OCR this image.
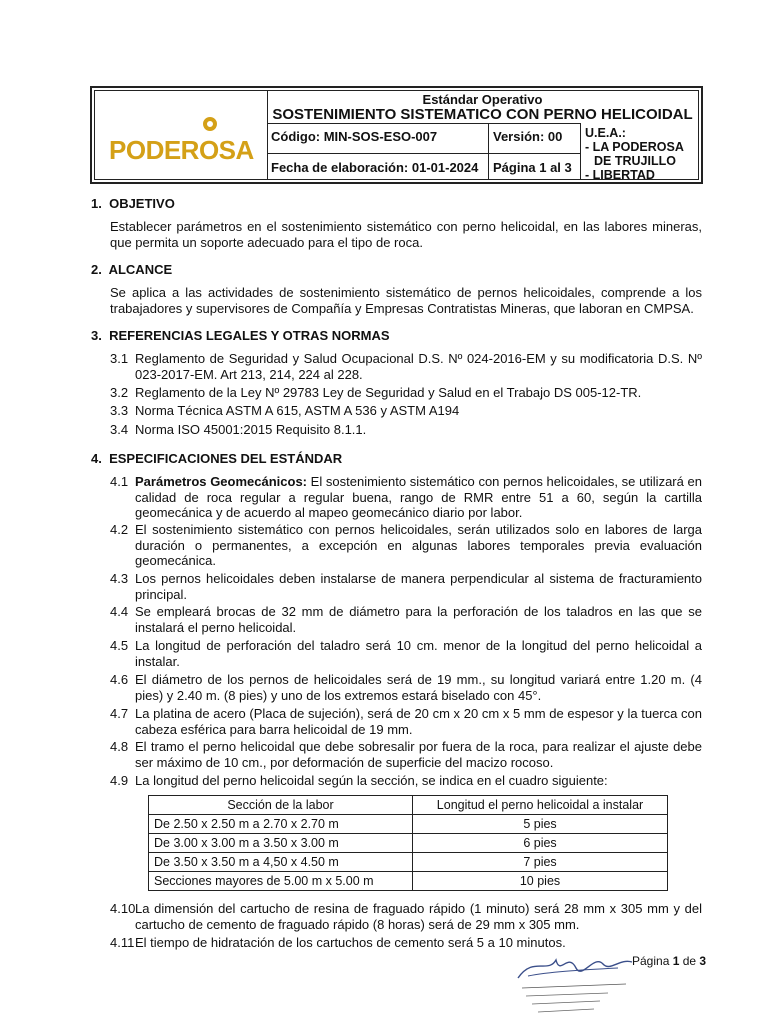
PODEROSA
Estándar Operativo
SOSTENIMIENTO SISTEMATICO CON PERNO HELICOIDAL
Código: MIN-SOS-ESO-007	Versión: 00
Fecha de elaboración: 01-01-2024	Página 1 al 3
U.E.A.:
- LA PODEROSA
DE TRUJILLO
- LIBERTAD
1. OBJETIVO
Establecer parámetros en el sostenimiento sistemático con perno helicoidal, en las labores mineras, que permita un soporte adecuado para el tipo de roca.
2. ALCANCE
Se aplica a las actividades de sostenimiento sistemático de pernos helicoidales, comprende a los trabajadores y supervisores de Compañía y Empresas Contratistas Mineras, que laboran en CMPSA.
3. REFERENCIAS LEGALES Y OTRAS NORMAS
3.1 Reglamento de Seguridad y Salud Ocupacional D.S. Nº 024-2016-EM y su modificatoria D.S. Nº 023-2017-EM. Art 213, 214, 224 al 228.
3.2 Reglamento de la Ley Nº 29783 Ley de Seguridad y Salud en el Trabajo DS 005-12-TR.
3.3 Norma Técnica ASTM A 615, ASTM A 536 y ASTM A194
3.4 Norma ISO 45001:2015 Requisito 8.1.1.
4. ESPECIFICACIONES DEL ESTÁNDAR
4.1 Parámetros Geomecánicos: El sostenimiento sistemático con pernos helicoidales, se utilizará en calidad de roca regular a regular buena, rango de RMR entre 51 a 60, según la cartilla geomecánica y de acuerdo al mapeo geomecánico diario por labor.
4.2 El sostenimiento sistemático con pernos helicoidales, serán utilizados solo en labores de larga duración o permanentes, a excepción en algunas labores temporales previa evaluación geomecánica.
4.3 Los pernos helicoidales deben instalarse de manera perpendicular al sistema de fracturamiento principal.
4.4 Se empleará brocas de 32 mm de diámetro para la perforación de los taladros en las que se instalará el perno helicoidal.
4.5 La longitud de perforación del taladro será 10 cm. menor de la longitud del perno helicoidal a instalar.
4.6 El diámetro de los pernos de helicoidales será de 19 mm., su longitud variará entre 1.20 m. (4 pies) y 2.40 m. (8 pies) y uno de los extremos estará biselado con 45°.
4.7 La platina de acero (Placa de sujeción), será de 20 cm x 20 cm x 5 mm de espesor y la tuerca con cabeza esférica para barra helicoidal de 19 mm.
4.8 El tramo el perno helicoidal que debe sobresalir por fuera de la roca, para realizar el ajuste debe ser máximo de 10 cm., por deformación de superficie del macizo rocoso.
4.9 La longitud del perno helicoidal según la sección, se indica en el cuadro siguiente:
Sección de la labor	Longitud el perno helicoidal a instalar
De 2.50 x 2.50 m a 2.70 x 2.70 m	5 pies
De 3.00 x 3.00 m a 3.50 x 3.00 m	6 pies
De 3.50 x 3.50 m a 4,50 x 4.50 m	7 pies
Secciones mayores de 5.00 m x 5.00 m	10 pies
4.10 La dimensión del cartucho de resina de fraguado rápido (1 minuto) será 28 mm x 305 mm y del cartucho de cemento de fraguado rápido (8 horas) será de 29 mm x 305 mm.
4.11 El tiempo de hidratación de los cartuchos de cemento será 5 a 10 minutos.
Página 1 de 3
